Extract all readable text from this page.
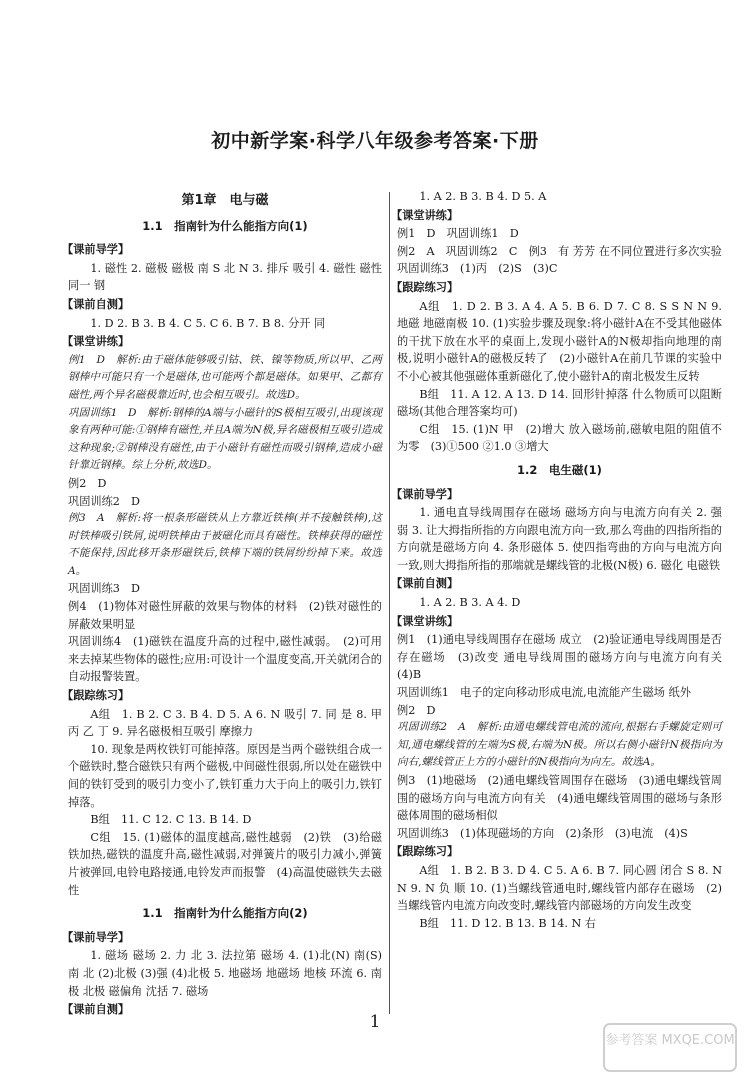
初中新学案·科学八年级参考答案·下册
第1章　电与磁
1.1　指南针为什么能指方向(1)
【课前导学】

1. 磁性 2. 磁极 磁极 南 S 北 N 3. 排斥 吸引 4. 磁性 磁性 同一 钢

【课前自测】

1. D 2. B 3. B 4. C 5. C 6. B 7. B 8. 分开 同

【课堂讲练】

例1　D　解析:由于磁体能够吸引钴、铁、镍等物质,所以甲、乙两钢棒中可能只有一个是磁体,也可能两个都是磁体。如果甲、乙都有磁性,两个异名磁极靠近时,也会相互吸引。故选D。

巩固训练1　D　解析:钢棒的A端与小磁针的S极相互吸引,出现该现象有两种可能:①钢棒有磁性,并且A端为N极,异名磁极相互吸引造成这种现象;②钢棒没有磁性,由于小磁针有磁性而吸引钢棒,造成小磁针靠近钢棒。综上分析,故选D。

例2　D

巩固训练2　D

例3　A　解析:将一根条形磁铁从上方靠近铁棒(并不接触铁棒),这时铁棒吸引铁屑,说明铁棒由于被磁化而具有磁性。铁棒获得的磁性不能保持,因此移开条形磁铁后,铁棒下端的铁屑纷纷掉下来。故选A。

巩固训练3　D

例4　(1)物体对磁性屏蔽的效果与物体的材料　(2)铁对磁性的屏蔽效果明显

巩固训练4　(1)磁铁在温度升高的过程中,磁性减弱。　(2)可用来去掉某些物体的磁性;应用:可设计一个温度变高,开关就闭合的自动报警装置。

【跟踪练习】

A组　1. B 2. C 3. B 4. D 5. A 6. N 吸引 7. 同 是 8. 甲 丙 乙 丁 9. 异名磁极相互吸引 摩擦力

10. 现象是两枚铁钉可能掉落。原因是当两个磁铁组合成一个磁铁时,整合磁铁只有两个磁极,中间磁性很弱,所以处在磁铁中间的铁钉受到的吸引力变小了,铁钉重力大于向上的吸引力,铁钉掉落。

B组　11. C 12. C 13. B 14. D

C组　15. (1)磁体的温度越高,磁性越弱　(2)铁　(3)给磁铁加热,磁铁的温度升高,磁性减弱,对弹簧片的吸引力减小,弹簧片被弹回,电铃电路接通,电铃发声而报警　(4)高温使磁铁失去磁性

1.1　指南针为什么能指方向(2)
【课前导学】

1. 磁场 磁场 2. 力 北 3. 法拉第 磁场 4. (1)北(N) 南(S) 南 北 (2)北极 (3)强 (4)北极 5. 地磁场 地磁场 地核 环流 6. 南极 北极 磁偏角 沈括 7. 磁场

【课前自测】

1. A 2. B 3. B 4. D 5. A

【课堂讲练】

例1　D　巩固训练1　D

例2　A　巩固训练2　C　例3　有 芳芳 在不同位置进行多次实验

巩固训练3　(1)丙　(2)S　(3)C

【跟踪练习】

A组　1. D 2. B 3. A 4. A 5. B 6. D 7. C 8. S S N N 9. 地磁 地磁南极 10. (1)实验步骤及现象:将小磁针A在不受其他磁体的干扰下放在水平的桌面上,发现小磁针A的N极却指向地理的南极,说明小磁针A的磁极反转了　(2)小磁针A在前几节课的实验中不小心被其他强磁体重新磁化了,使小磁针A的南北极发生反转

B组　11. A 12. A 13. D 14. 回形针掉落 什么物质可以阻断磁场(其他合理答案均可)

C组　15. (1)N 甲　(2)增大 放入磁场前,磁敏电阻的阻值不为零　(3)①500 ②1.0 ③增大

1.2　电生磁(1)
【课前导学】

1. 通电直导线周围存在磁场 磁场方向与电流方向有关 2. 强 弱 3. 让大拇指所指的方向跟电流方向一致,那么弯曲的四指所指的方向就是磁场方向 4. 条形磁体 5. 使四指弯曲的方向与电流方向一致,则大拇指所指的那端就是螺线管的北极(N极) 6. 磁化 电磁铁

【课前自测】

1. A 2. B 3. A 4. D

【课堂讲练】

例1　(1)通电导线周围存在磁场 成立　(2)验证通电导线周围是否存在磁场　(3)改变 通电导线周围的磁场方向与电流方向有关　(4)B

巩固训练1　电子的定向移动形成电流,电流能产生磁场 纸外

例2　D

巩固训练2　A　解析:由通电螺线管电流的流向,根据右手螺旋定则可知,通电螺线管的左端为S极,右端为N极。所以右侧小磁针N极指向为向右,螺线管正上方的小磁针的N极指向为向左。故选A。

例3　(1)地磁场　(2)通电螺线管周围存在磁场　(3)通电螺线管周围的磁场方向与电流方向有关　(4)通电螺线管周围的磁场与条形磁体周围的磁场相似

巩固训练3　(1)体现磁场的方向　(2)条形　(3)电流　(4)S

【跟踪练习】

A组　1. B 2. B 3. D 4. C 5. A 6. B 7. 同心圆 闭合 S 8. N N 9. N 负 顺 10. (1)当螺线管通电时,螺线管内部存在磁场　(2)当螺线管内电流方向改变时,螺线管内部磁场的方向发生改变

B组　11. D 12. B 13. B 14. N 右

1
参考答案 MXQE.COM
